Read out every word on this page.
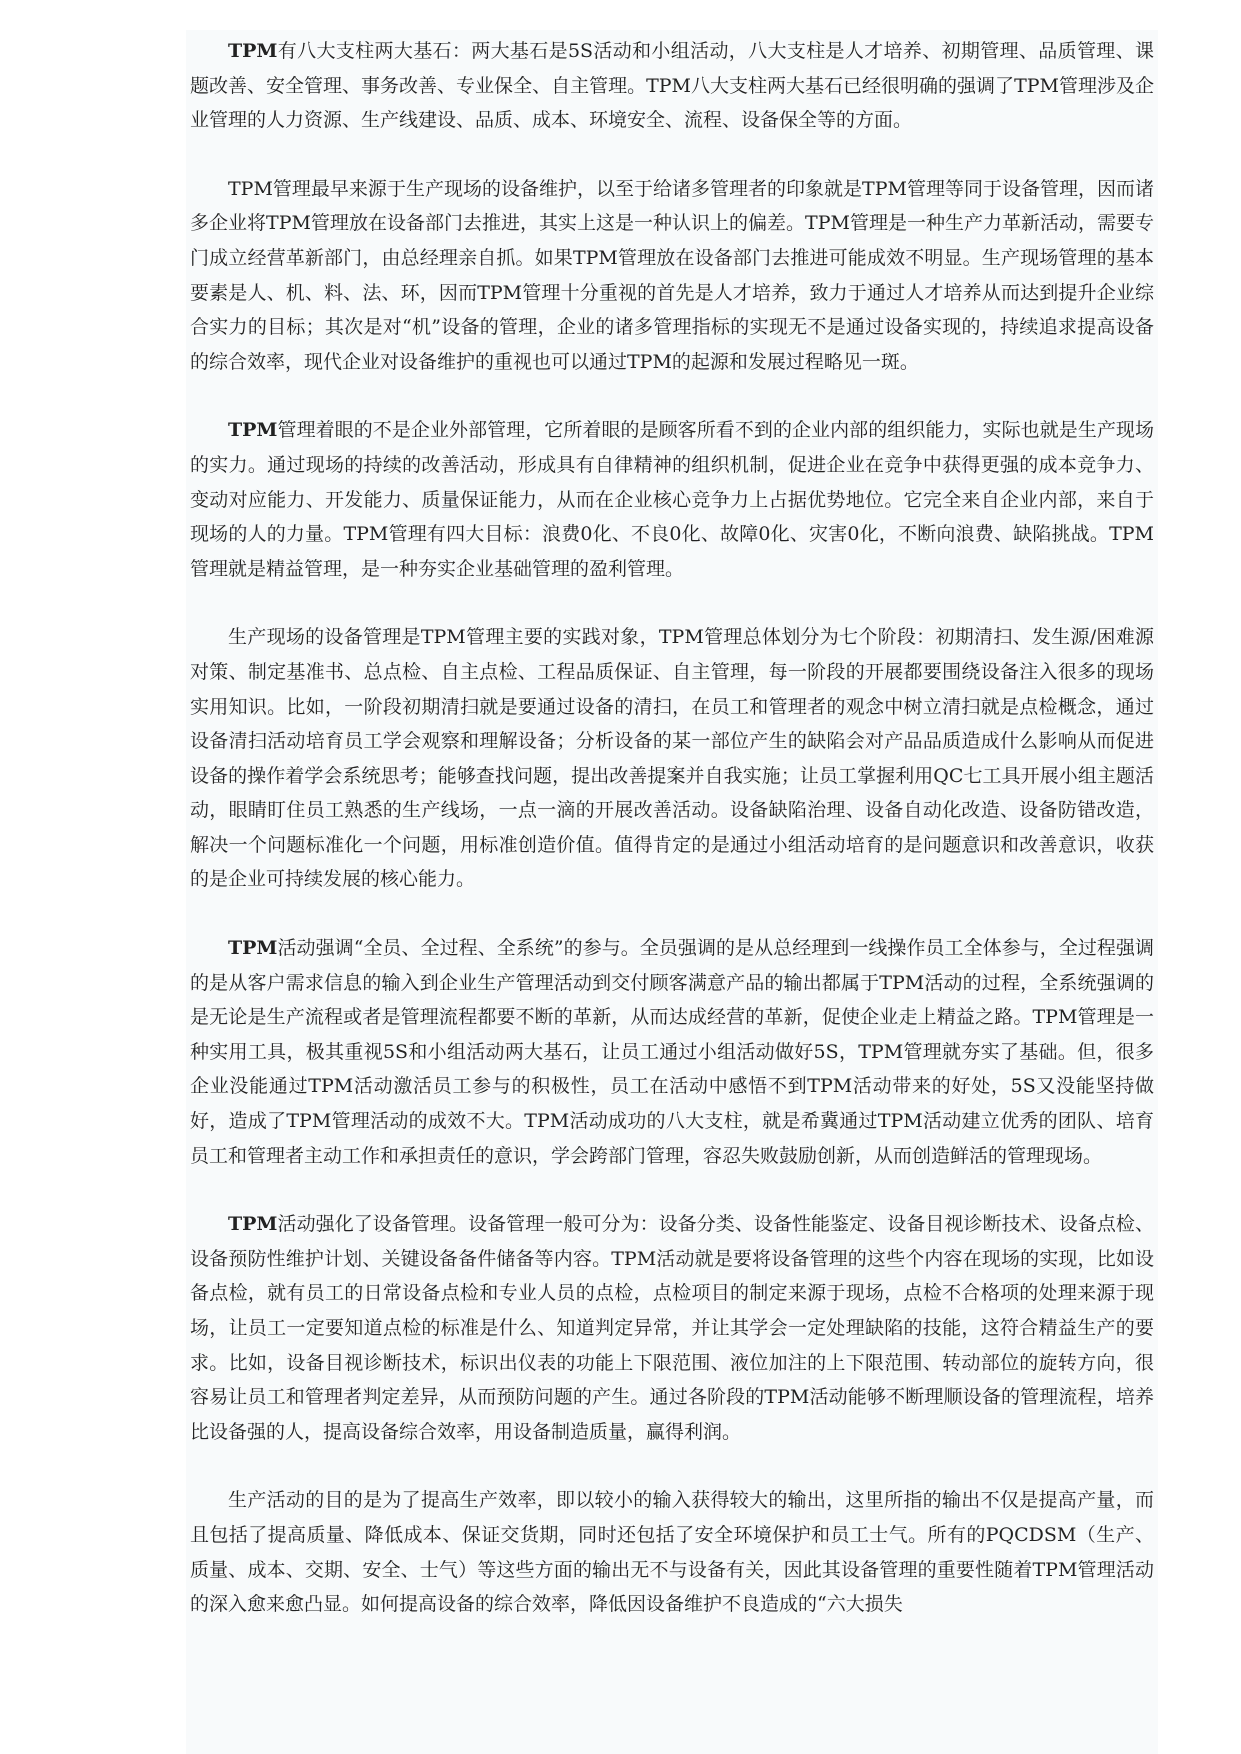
TPM有八大支柱两大基石：两大基石是5S活动和小组活动，八大支柱是人才培养、初期管理、品质管理、课题改善、安全管理、事务改善、专业保全、自主管理。TPM八大支柱两大基石已经很明确的强调了TPM管理涉及企业管理的人力资源、生产线建设、品质、成本、环境安全、流程、设备保全等的方面。

TPM管理最早来源于生产现场的设备维护，以至于给诸多管理者的印象就是TPM管理等同于设备管理，因而诸多企业将TPM管理放在设备部门去推进，其实上这是一种认识上的偏差。TPM管理是一种生产力革新活动，需要专门成立经营革新部门，由总经理亲自抓。如果TPM管理放在设备部门去推进可能成效不明显。生产现场管理的基本要素是人、机、料、法、环，因而TPM管理十分重视的首先是人才培养，致力于通过人才培养从而达到提升企业综合实力的目标；其次是对“机”设备的管理，企业的诸多管理指标的实现无不是通过设备实现的，持续追求提高设备的综合效率，现代企业对设备维护的重视也可以通过TPM的起源和发展过程略见一斑。

TPM管理着眼的不是企业外部管理，它所着眼的是顾客所看不到的企业内部的组织能力，实际也就是生产现场的实力。通过现场的持续的改善活动，形成具有自律精神的组织机制，促进企业在竞争中获得更强的成本竞争力、变动对应能力、开发能力、质量保证能力，从而在企业核心竞争力上占据优势地位。它完全来自企业内部，来自于现场的人的力量。TPM管理有四大目标：浪费0化、不良0化、故障0化、灾害0化，不断向浪费、缺陷挑战。TPM管理就是精益管理，是一种夯实企业基础管理的盈利管理。

生产现场的设备管理是TPM管理主要的实践对象，TPM管理总体划分为七个阶段：初期清扫、发生源/困难源对策、制定基准书、总点检、自主点检、工程品质保证、自主管理，每一阶段的开展都要围绕设备注入很多的现场实用知识。比如，一阶段初期清扫就是要通过设备的清扫，在员工和管理者的观念中树立清扫就是点检概念，通过设备清扫活动培育员工学会观察和理解设备；分析设备的某一部位产生的缺陷会对产品品质造成什么影响从而促进设备的操作着学会系统思考；能够查找问题，提出改善提案并自我实施；让员工掌握利用QC七工具开展小组主题活动，眼睛盯住员工熟悉的生产线场，一点一滴的开展改善活动。设备缺陷治理、设备自动化改造、设备防错改造，解决一个问题标准化一个问题，用标准创造价值。值得肯定的是通过小组活动培育的是问题意识和改善意识，收获的是企业可持续发展的核心能力。

TPM活动强调“全员、全过程、全系统”的参与。全员强调的是从总经理到一线操作员工全体参与，全过程强调的是从客户需求信息的输入到企业生产管理活动到交付顾客满意产品的输出都属于TPM活动的过程，全系统强调的是无论是生产流程或者是管理流程都要不断的革新，从而达成经营的革新，促使企业走上精益之路。TPM管理是一种实用工具，极其重视5S和小组活动两大基石，让员工通过小组活动做好5S，TPM管理就夯实了基础。但，很多企业没能通过TPM活动激活员工参与的积极性，员工在活动中感悟不到TPM活动带来的好处，5S又没能坚持做好，造成了TPM管理活动的成效不大。TPM活动成功的八大支柱，就是希冀通过TPM活动建立优秀的团队、培育员工和管理者主动工作和承担责任的意识，学会跨部门管理，容忍失败鼓励创新，从而创造鲜活的管理现场。

TPM活动强化了设备管理。设备管理一般可分为：设备分类、设备性能鉴定、设备目视诊断技术、设备点检、设备预防性维护计划、关键设备备件储备等内容。TPM活动就是要将设备管理的这些个内容在现场的实现，比如设备点检，就有员工的日常设备点检和专业人员的点检，点检项目的制定来源于现场，点检不合格项的处理来源于现场，让员工一定要知道点检的标准是什么、知道判定异常，并让其学会一定处理缺陷的技能，这符合精益生产的要求。比如，设备目视诊断技术，标识出仪表的功能上下限范围、液位加注的上下限范围、转动部位的旋转方向，很容易让员工和管理者判定差异，从而预防问题的产生。通过各阶段的TPM活动能够不断理顺设备的管理流程，培养比设备强的人，提高设备综合效率，用设备制造质量，赢得利润。

生产活动的目的是为了提高生产效率，即以较小的输入获得较大的输出，这里所指的输出不仅是提高产量，而且包括了提高质量、降低成本、保证交货期，同时还包括了安全环境保护和员工士气。所有的PQCDSM（生产、质量、成本、交期、安全、士气）等这些方面的输出无不与设备有关，因此其设备管理的重要性随着TPM管理活动的深入愈来愈凸显。如何提高设备的综合效率，降低因设备维护不良造成的“六大损失
